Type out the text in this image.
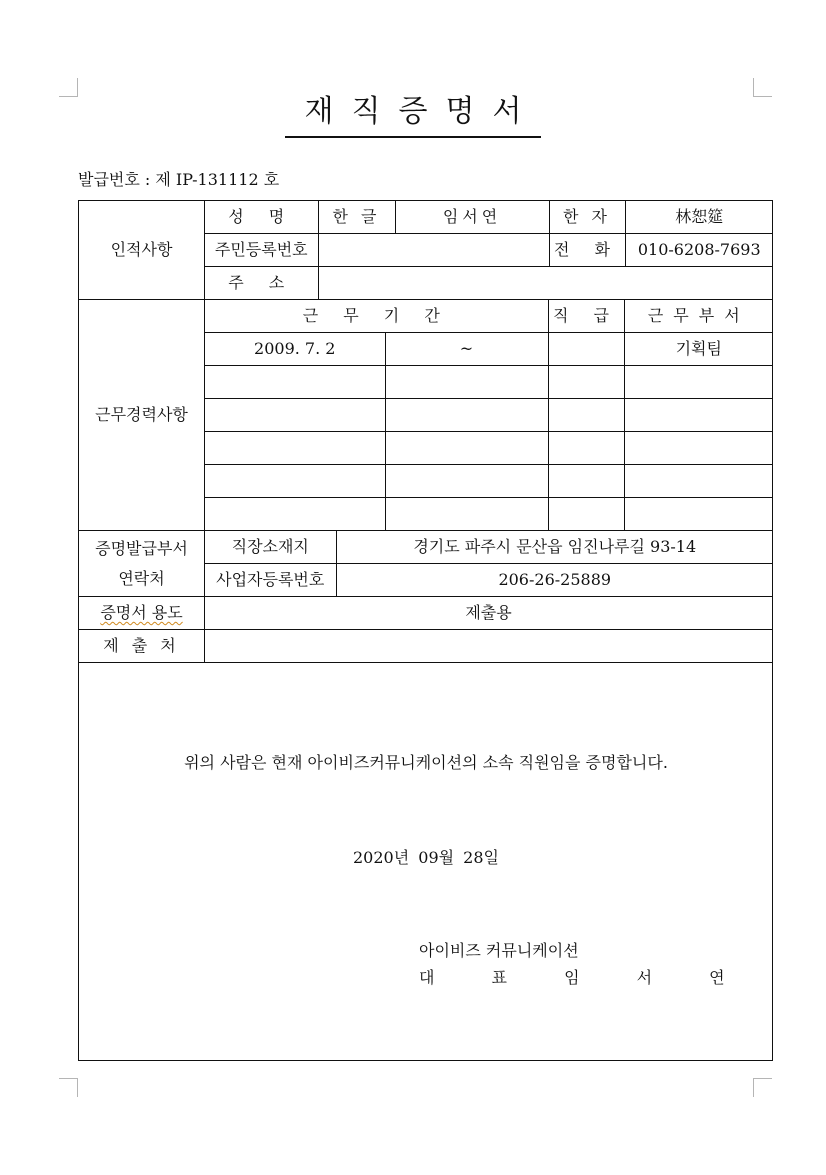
재직증명서
발급번호 : 제 IP-131112 호
인적사항	
성 명	한 글	임서연	한 자	林恕筵
주민등록번호		전 화	010-6208-7693
주 소	

근무경력사항	
근 무 기 간	직 급	근무부서
2009. 7. 2	~		기획팀

증명발급부서
연락처

직장소재지	경기도 파주시 문산읍 임진나루길 93-14
사업자등록번호	206-26-25889

증명서 용도	제출용
제 출 처	

위의 사람은 현재 아이비즈커뮤니케이션의 소속 직원임을 증명합니다.
2020년 09월 28일
아이비즈 커뮤니케이션
대 표 임 서 연
